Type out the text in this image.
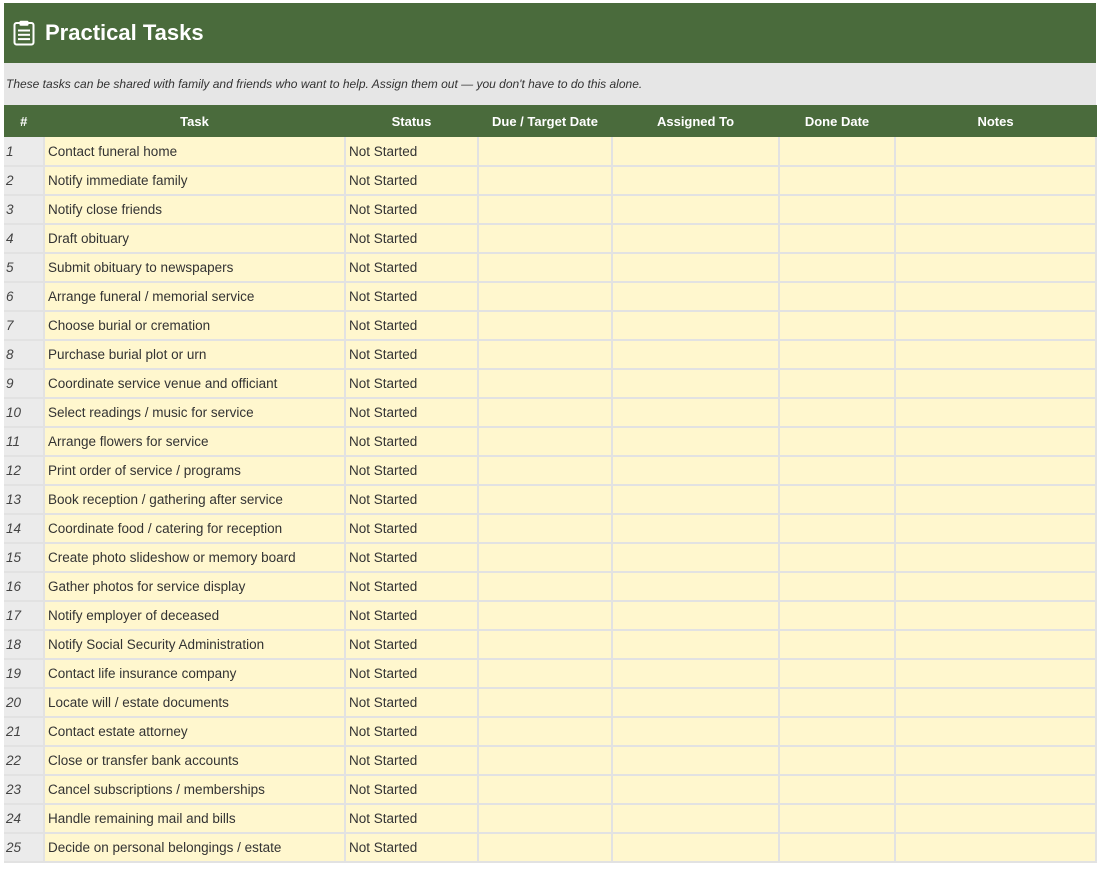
Practical Tasks
These tasks can be shared with family and friends who want to help. Assign them out — you don't have to do this alone.
#	Task	Status	Due / Target Date	Assigned To	Done Date	Notes
1	Contact funeral home	Not Started				
2	Notify immediate family	Not Started				
3	Notify close friends	Not Started				
4	Draft obituary	Not Started				
5	Submit obituary to newspapers	Not Started				
6	Arrange funeral / memorial service	Not Started				
7	Choose burial or cremation	Not Started				
8	Purchase burial plot or urn	Not Started				
9	Coordinate service venue and officiant	Not Started				
10	Select readings / music for service	Not Started				
11	Arrange flowers for service	Not Started				
12	Print order of service / programs	Not Started				
13	Book reception / gathering after service	Not Started				
14	Coordinate food / catering for reception	Not Started				
15	Create photo slideshow or memory board	Not Started				
16	Gather photos for service display	Not Started				
17	Notify employer of deceased	Not Started				
18	Notify Social Security Administration	Not Started				
19	Contact life insurance company	Not Started				
20	Locate will / estate documents	Not Started				
21	Contact estate attorney	Not Started				
22	Close or transfer bank accounts	Not Started				
23	Cancel subscriptions / memberships	Not Started				
24	Handle remaining mail and bills	Not Started				
25	Decide on personal belongings / estate	Not Started				
